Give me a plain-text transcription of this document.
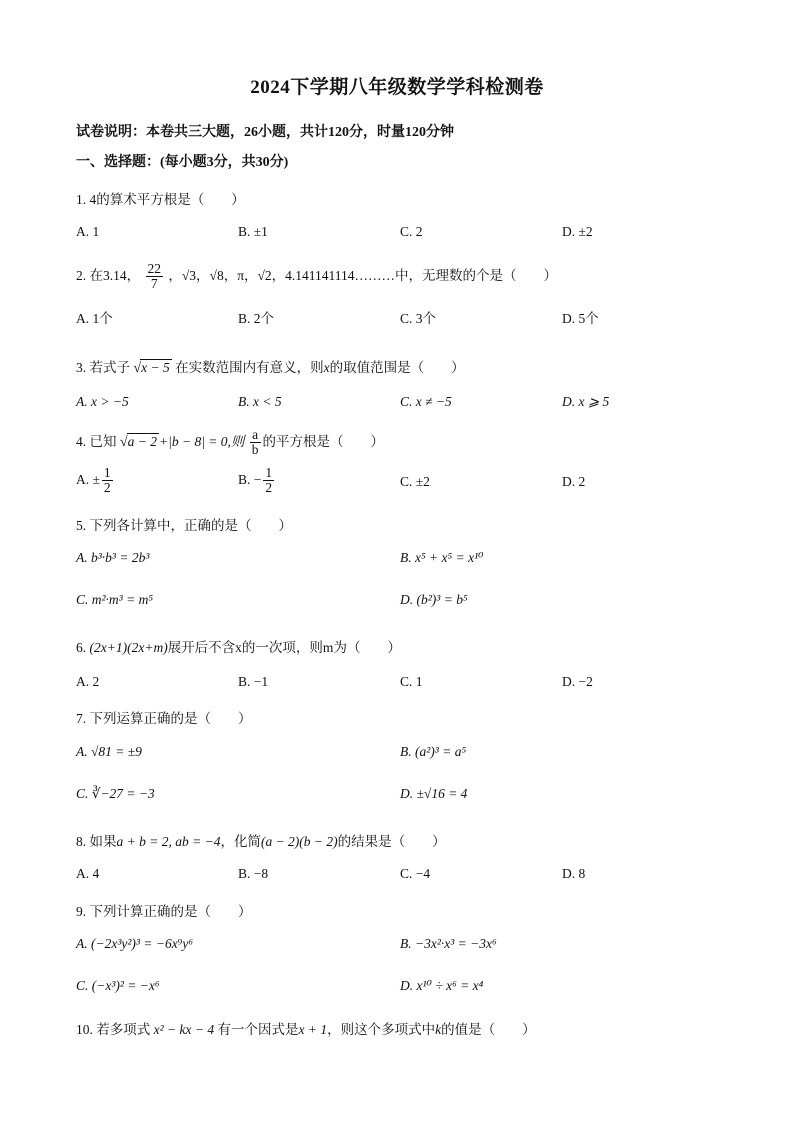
2024下学期八年级数学学科检测卷
试卷说明：本卷共三大题，26小题，共计120分，时量120分钟
一、选择题：(每小题3分，共30分)
1. 4的算术平方根是（　　）
A. 1	B. ±1	C. 2	D. ±2
2. 在3.14， $\frac{22}{7}$ ，√3，√8，π，√2，4.141141114………中，无理数的个是（　　）
A. 1个	B. 2个	C. 3个	D. 5个
3. 若式子 √x − 5 在实数范围内有意义，则x的取值范围是（　　）
A. x > −5	B. x < 5	C. x ≠ −5	D. x ⩾ 5
4. 已知 √a − 2 +|b − 8| = 0,则 $\frac{a}{b}$ 的平方根是（　　）
A. ± $\frac{1}{2}$	B. − $\frac{1}{2}$	C. ±2	D. 2
5. 下列各计算中，正确的是（　　）
A. b³·b³ = 2b³	B. x⁵ + x⁵ = x¹⁰
C. m²·m³ = m⁵	D. (b²)³ = b⁵
6. (2x+1)(2x+m)展开后不含x的一次项，则m为（　　）
A. 2	B. −1	C. 1	D. −2
7. 下列运算正确的是（　　）
A. √81 = ±9	B. (a²)³ = a⁵
C. ∛−27 = −3	D. ±√16 = 4
8. 如果a + b = 2, ab = −4，化简(a − 2)(b − 2)的结果是（　　）
A. 4	B. −8	C. −4	D. 8
9. 下列计算正确的是（　　）
A. (−2x³y²)³ = −6x⁹y⁶	B. −3x²·x³ = −3x⁶
C. (−x³)² = −x⁶	D. x¹⁰ ÷ x⁶ = x⁴
10. 若多项式 x² − kx − 4 有一个因式是x + 1，则这个多项式中k的值是（　　）
